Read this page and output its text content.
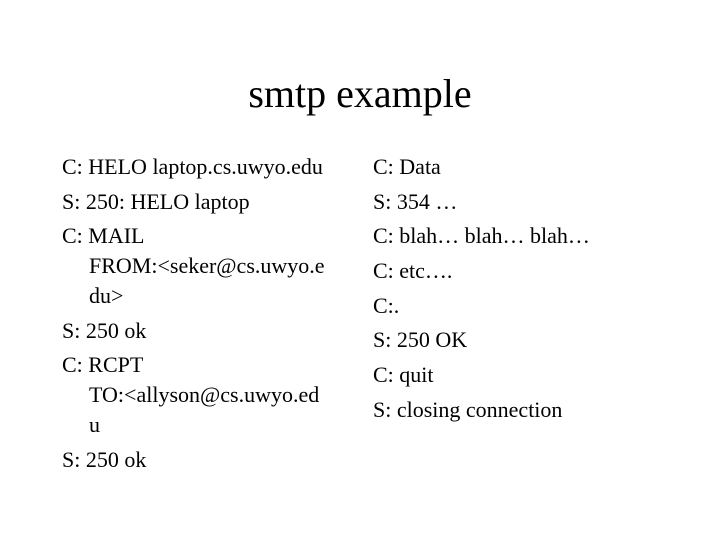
smtp example
C: HELO laptop.cs.uwyo.edu
S: 250: HELO laptop
C: MAIL
FROM:<seker@cs.uwyo.e
du>
S: 250 ok
C: RCPT
TO:<allyson@cs.uwyo.ed
u
S: 250 ok
C: Data
S: 354 …
C: blah… blah… blah…
C: etc….
C:.
S: 250 OK
C: quit
S: closing connection
